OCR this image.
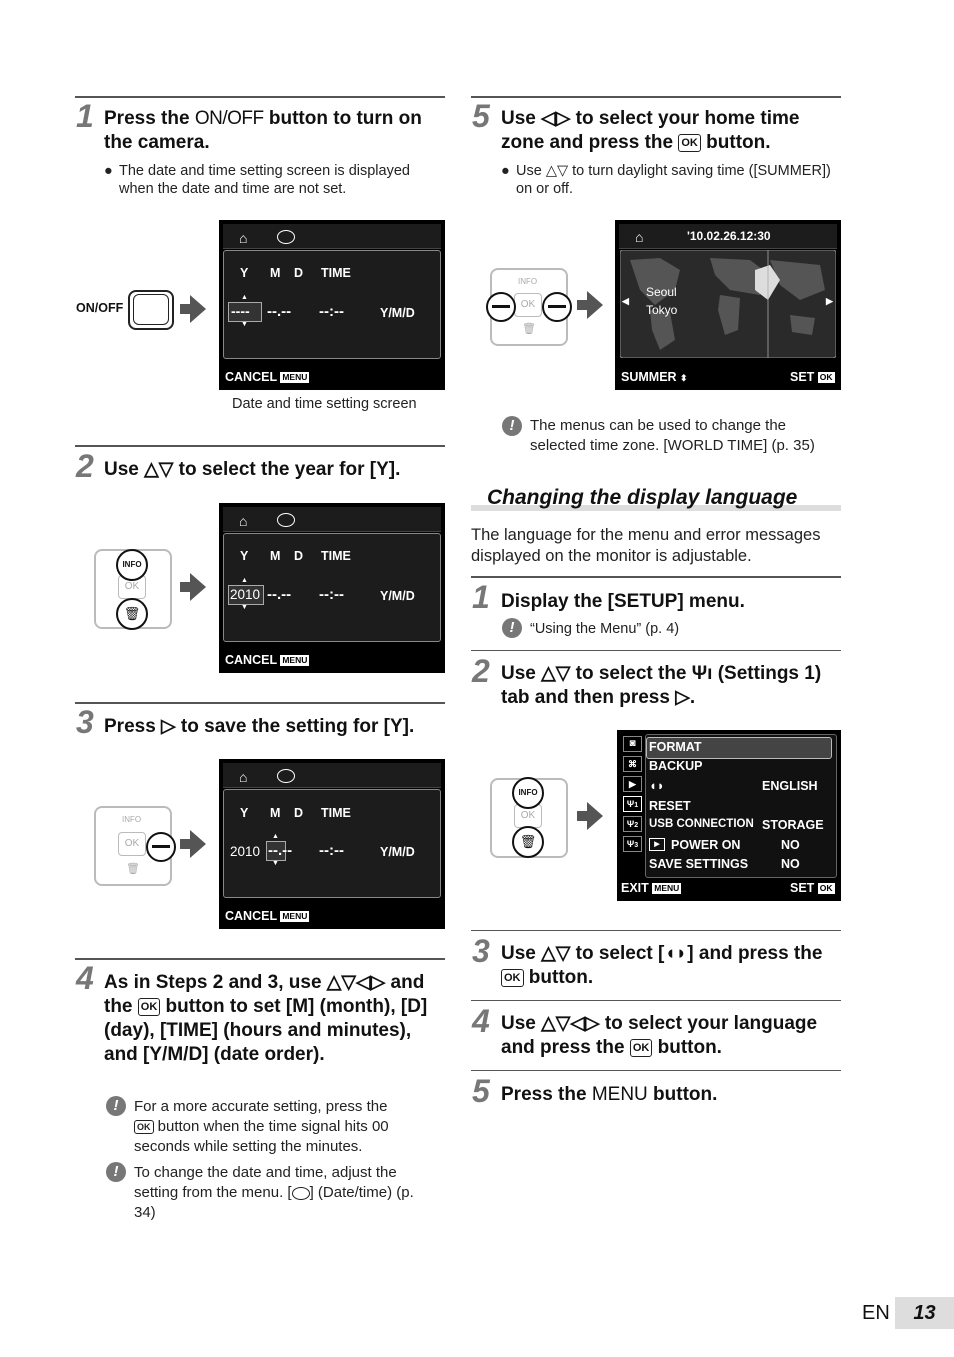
1 Press the ON/OFF button to turn on the camera.
● The date and time setting screen is displayed when the date and time are not set.
ON/OFF
⌂
Y M D TIME
---- --.-- --:--	Y/M/D
▲
▼
CANCEL MENU
Date and time setting screen
2 Use △▽ to select the year for [Y].
OK
INFO
🗑
⌂
Y M D TIME
2010 --.-- --:--	Y/M/D
▲
▼
CANCEL MENU
3 Press ▷ to save the setting for [Y].
INFO
OK
🗑
⌂
Y M D TIME
2010 --.-- --:--	Y/M/D
▲
▼
CANCEL MENU
4 As in Steps 2 and 3, use △▽◁▷ and the OK button to set [M] (month), [D] (day), [TIME] (hours and minutes), and [Y/M/D] (date order).
!	For a more accurate setting, press the
OK button when the time signal hits 00 seconds while setting the minutes.
!	To change the date and time, adjust the setting from the menu. [ ] (Date/time) (p. 34)
5 Use ◁▷ to select your home time zone and press the OK button.
● Use △▽ to turn daylight saving time ([SUMMER]) on or off.
INFO
OK
🗑
⌂	'10.02.26.12:30
◀	▶
Seoul
Tokyo
SUMMER ⬍	SET OK
!	The menus can be used to change the selected time zone. [WORLD TIME] (p. 35)
Changing the display language
The language for the menu and error messages displayed on the monitor is adjustable.
1 Display the [SETUP] menu.
!	“Using the Menu” (p. 4)
2 Use △▽ to select the Ψı (Settings 1) tab and then press ▷.
OK
INFO
🗑
◙
⌘
▶
Ψ1
Ψ2
Ψ3
FORMAT
BACKUP
◖◗	ENGLISH
RESET
USB CONNECTION STORAGE
▶ POWER ON	NO
SAVE SETTINGS	NO
EXIT MENU	SET OK
3 Use △▽ to select [◖◗] and press the OK button.
4 Use △▽◁▷ to select your language and press the OK button.
5 Press the MENU button.
EN	13
